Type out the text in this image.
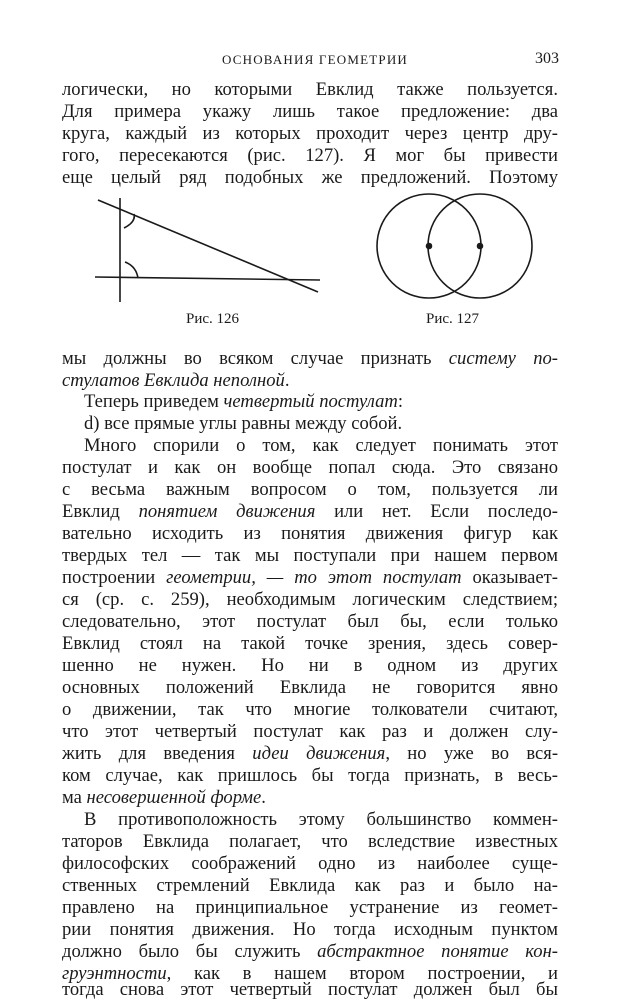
ОСНОВАНИЯ ГЕОМЕТРИИ	303
логически, но которыми Евклид также пользуется.
Для примера укажу лишь такое предложение: два
круга, каждый из которых проходит через центр дру-
гого, пересекаются (рис. 127). Я мог бы привести
еще целый ряд подобных же предложений. Поэтому
Рис. 126	Рис. 127
мы должны во всяком случае признать систему по-
стулатов Евклида неполной.
Теперь приведем четвертый постулат:
d) все прямые углы равны между собой.
Много спорили о том, как следует понимать этот
постулат и как он вообще попал сюда. Это связано
с весьма важным вопросом о том, пользуется ли
Евклид понятием движения или нет. Если последо-
вательно исходить из понятия движения фигур как
твердых тел — так мы поступали при нашем первом
построении геометрии, — то этот постулат оказывает-
ся (ср. с. 259), необходимым логическим следствием;
следовательно, этот постулат был бы, если только
Евклид стоял на такой точке зрения, здесь совер-
шенно не нужен. Но ни в одном из других
основных положений Евклида не говорится явно
о движении, так что многие толкователи считают,
что этот четвертый постулат как раз и должен слу-
жить для введения идеи движения, но уже во вся-
ком случае, как пришлось бы тогда признать, в весь-
ма несовершенной форме.
В противоположность этому большинство коммен-
таторов Евклида полагает, что вследствие известных
философских соображений одно из наиболее суще-
ственных стремлений Евклида как раз и было на-
правлено на принципиальное устранение из геомет-
рии понятия движения. Но тогда исходным пунктом
должно было бы служить абстрактное понятие кон-
груэнтности, как в нашем втором построении, и
тогда снова этот четвертый постулат должен был бы
